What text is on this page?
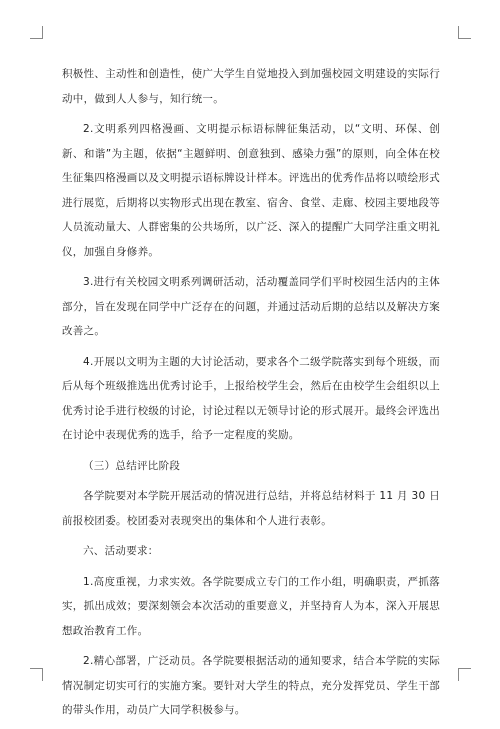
积极性、主动性和创造性，使广大学生自觉地投入到加强校园文明建设的实际行动中，做到人人参与，知行统一。

2.文明系列四格漫画、文明提示标语标牌征集活动，以“文明、环保、创新、和谐”为主题，依据“主题鲜明、创意独到、感染力强”的原则，向全体在校生征集四格漫画以及文明提示语标牌设计样本。评选出的优秀作品将以喷绘形式进行展览，后期将以实物形式出现在教室、宿舍、食堂、走廊、校园主要地段等人员流动量大、人群密集的公共场所，以广泛、深入的提醒广大同学注重文明礼仪，加强自身修养。

3.进行有关校园文明系列调研活动，活动覆盖同学们平时校园生活内的主体部分，旨在发现在同学中广泛存在的问题，并通过活动后期的总结以及解决方案改善之。

4.开展以文明为主题的大讨论活动，要求各个二级学院落实到每个班级，而后从每个班级推选出优秀讨论手，上报给校学生会，然后在由校学生会组织以上优秀讨论手进行校级的讨论，讨论过程以无领导讨论的形式展开。最终会评选出在讨论中表现优秀的选手，给予一定程度的奖励。

（三）总结评比阶段

各学院要对本学院开展活动的情况进行总结，并将总结材料于 11 月 30 日前报校团委。校团委对表现突出的集体和个人进行表彰。

六、活动要求：

1.高度重视，力求实效。各学院要成立专门的工作小组，明确职责，严抓落实，抓出成效；要深刻领会本次活动的重要意义，并坚持育人为本，深入开展思想政治教育工作。

2.精心部署，广泛动员。各学院要根据活动的通知要求，结合本学院的实际情况制定切实可行的实施方案。要针对大学生的特点，充分发挥党员、学生干部的带头作用，动员广大同学积极参与。
